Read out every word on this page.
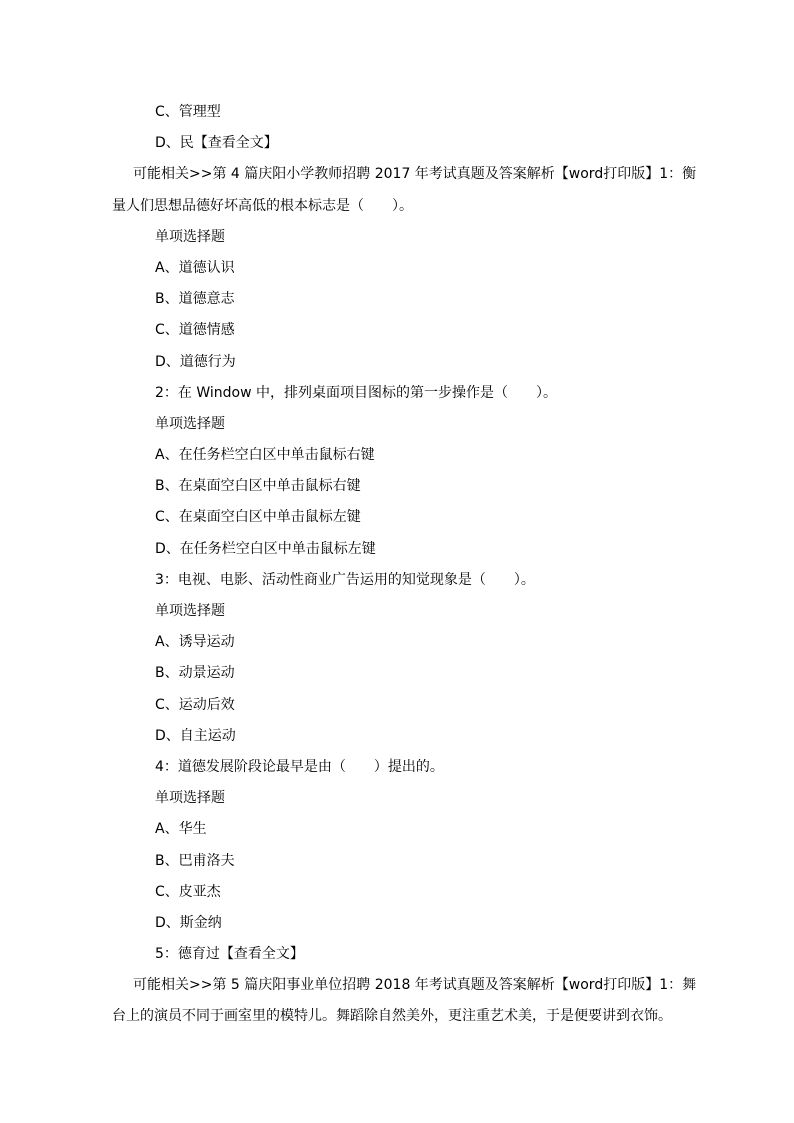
C、管理型
D、民【查看全文】
可能相关>>第 4 篇庆阳小学教师招聘 2017 年考试真题及答案解析【word打印版】1：衡
量人们思想品德好坏高低的根本标志是（　　）。
单项选择题
A、道德认识
B、道德意志
C、道德情感
D、道德行为
2：在 Window 中，排列桌面项目图标的第一步操作是（　　）。
单项选择题
A、在任务栏空白区中单击鼠标右键
B、在桌面空白区中单击鼠标右键
C、在桌面空白区中单击鼠标左键
D、在任务栏空白区中单击鼠标左键
3：电视、电影、活动性商业广告运用的知觉现象是（　　）。
单项选择题
A、诱导运动
B、动景运动
C、运动后效
D、自主运动
4：道德发展阶段论最早是由（　　）提出的。
单项选择题
A、华生
B、巴甫洛夫
C、皮亚杰
D、斯金纳
5：德育过【查看全文】
可能相关>>第 5 篇庆阳事业单位招聘 2018 年考试真题及答案解析【word打印版】1：舞
台上的演员不同于画室里的模特儿。舞蹈除自然美外，更注重艺术美，于是便要讲到衣饰。
